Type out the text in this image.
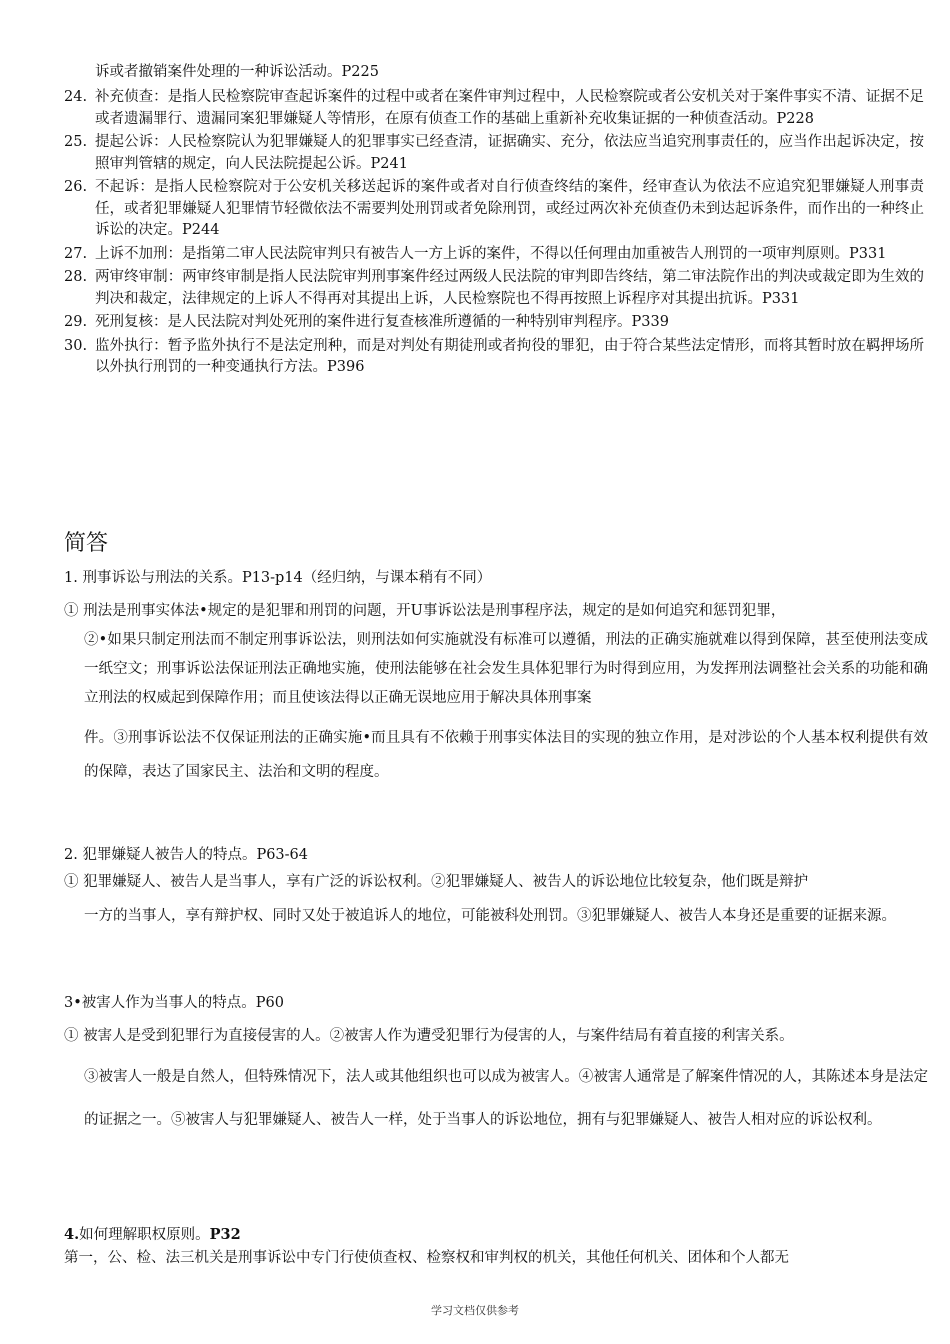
诉或者撤销案件处理的一种诉讼活动。P225
24. 补充侦查：是指人民检察院审查起诉案件的过程中或者在案件审判过程中，人民检察院或者公安机关对于案件事实不清、证据不足或者遗漏罪行、遗漏同案犯罪嫌疑人等情形，在原有侦查工作的基础上重新补充收集证据的一种侦查活动。P228
25. 提起公诉：人民检察院认为犯罪嫌疑人的犯罪事实已经查清，证据确实、充分，依法应当追究刑事责任的，应当作出起诉决定，按照审判管辖的规定，向人民法院提起公诉。P241
26. 不起诉：是指人民检察院对于公安机关移送起诉的案件或者对自行侦查终结的案件，经审查认为依法不应追究犯罪嫌疑人刑事责任，或者犯罪嫌疑人犯罪情节轻微依法不需要判处刑罚或者免除刑罚，或经过两次补充侦查仍未到达起诉条件，而作出的一种终止诉讼的决定。P244
27. 上诉不加刑：是指第二审人民法院审判只有被告人一方上诉的案件，不得以任何理由加重被告人刑罚的一项审判原则。P331
28. 两审终审制：两审终审制是指人民法院审判刑事案件经过两级人民法院的审判即告终结，第二审法院作出的判决或裁定即为生效的判决和裁定，法律规定的上诉人不得再对其提出上诉，人民检察院也不得再按照上诉程序对其提出抗诉。P331
29. 死刑复核：是人民法院对判处死刑的案件进行复查核准所遵循的一种特别审判程序。P339
30. 监外执行：暂予监外执行不是法定刑种，而是对判处有期徒刑或者拘役的罪犯，由于符合某些法定情形，而将其暂时放在羁押场所以外执行刑罚的一种变通执行方法。P396
简答
1. 刑事诉讼与刑法的关系。P13-p14（经归纳，与课本稍有不同）
① 刑法是刑事实体法•规定的是犯罪和刑罚的问题，开U事诉讼法是刑事程序法，规定的是如何追究和惩罚犯罪，
②•如果只制定刑法而不制定刑事诉讼法，则刑法如何实施就没有标准可以遵循，刑法的正确实施就难以得到保障，甚至使刑法变成一纸空文；刑事诉讼法保证刑法正确地实施，使刑法能够在社会发生具体犯罪行为时得到应用，为发挥刑法调整社会关系的功能和确立刑法的权威起到保障作用；而且使该法得以正确无误地应用于解决具体刑事案
件。③刑事诉讼法不仅保证刑法的正确实施•而且具有不依赖于刑事实体法目的实现的独立作用，是对涉讼的个人基本权利提供有效的保障，表达了国家民主、法治和文明的程度。
2. 犯罪嫌疑人被告人的特点。P63-64
① 犯罪嫌疑人、被告人是当事人，享有广泛的诉讼权利。②犯罪嫌疑人、被告人的诉讼地位比较复杂，他们既是辩护
一方的当事人，享有辩护权、同时又处于被追诉人的地位，可能被科处刑罚。③犯罪嫌疑人、被告人本身还是重要的证据来源。
3•被害人作为当事人的特点。P60
① 被害人是受到犯罪行为直接侵害的人。②被害人作为遭受犯罪行为侵害的人，与案件结局有着直接的利害关系。
③被害人一般是自然人，但特殊情况下，法人或其他组织也可以成为被害人。④被害人通常是了解案件情况的人，其陈述本身是法定的证据之一。⑤被害人与犯罪嫌疑人、被告人一样，处于当事人的诉讼地位，拥有与犯罪嫌疑人、被告人相对应的诉讼权利。
4.如何理解职权原则。P32
第一，公、检、法三机关是刑事诉讼中专门行使侦查权、检察权和审判权的机关，其他任何机关、团体和个人都无
学习文档仅供参考
